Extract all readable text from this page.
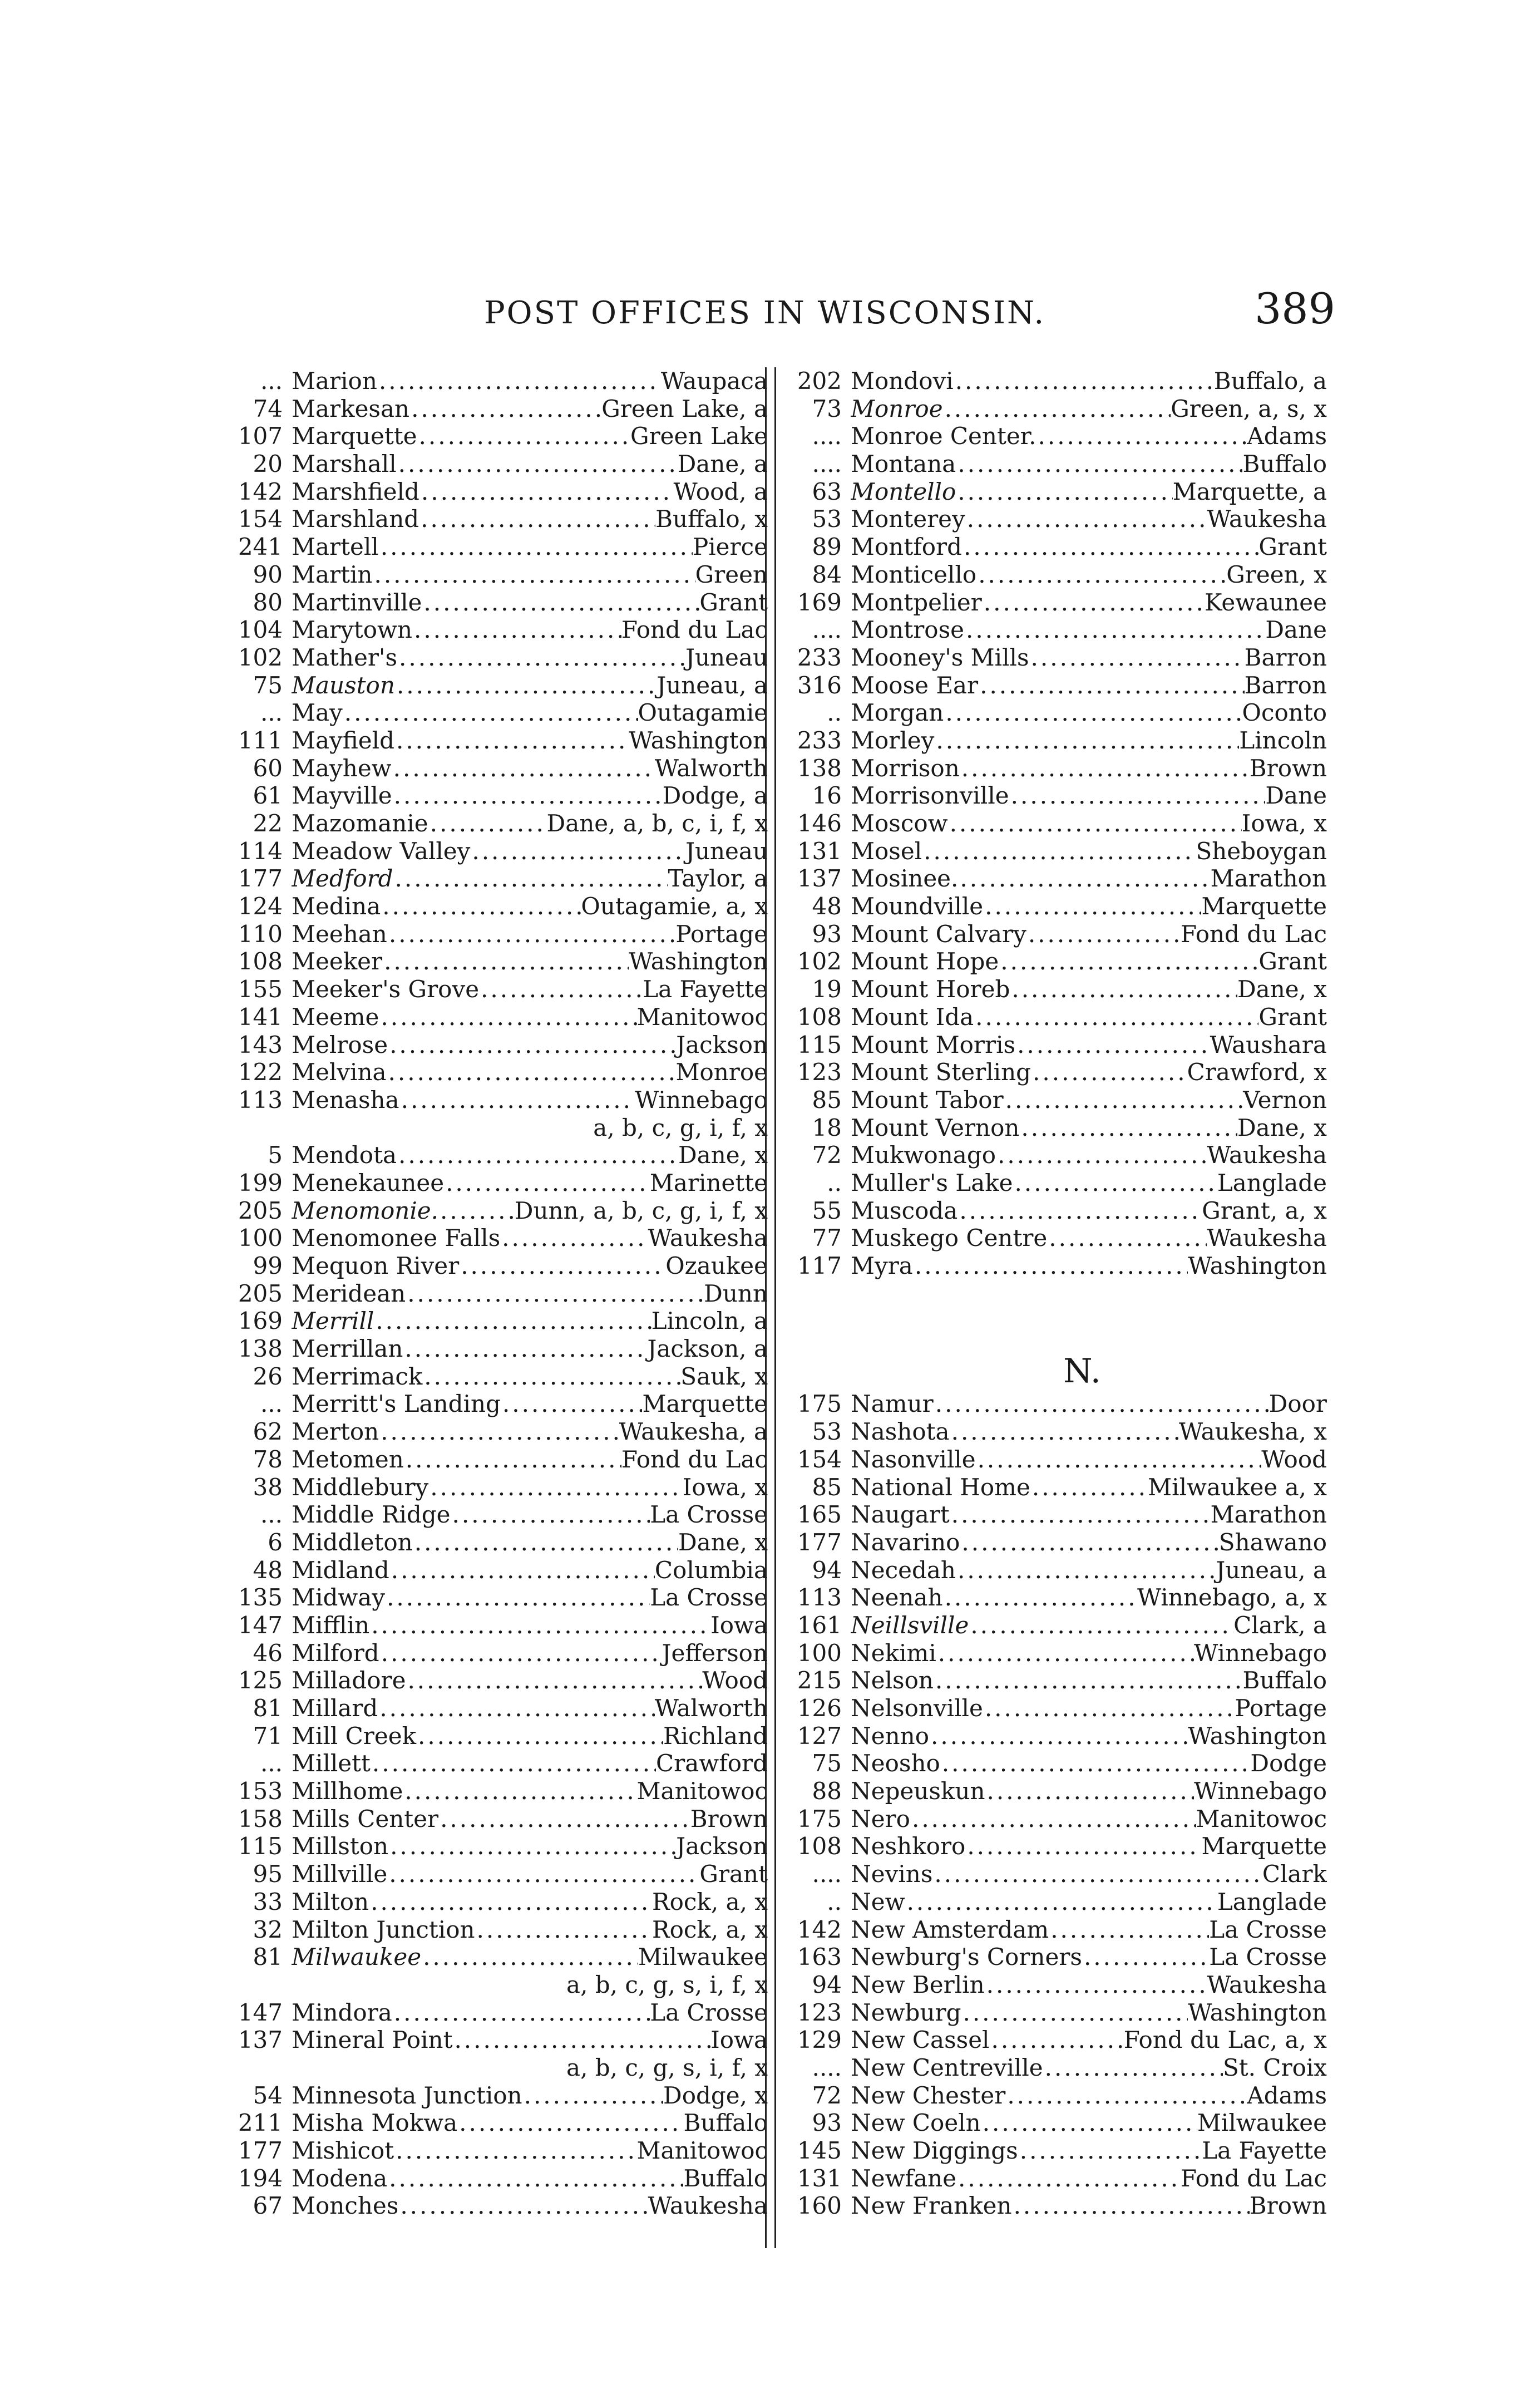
POST OFFICES IN WISCONSIN.	389
... Marion .....	Waupaca
74 Markesan .....	Green Lake, a
107 Marquette .....	Green Lake
20 Marshall .....	Dane, a
142 Marshfield .....	Wood, a
154 Marshland .....	Buffalo, x
241 Martell .....	Pierce
90 Martin .....	Green
80 Martinville .....	Grant
104 Marytown .....	Fond du Lac
102 Mather's .....	Juneau
75 Mauston .....	Juneau, a
... May .....	Outagamie
111 Mayfield .....	Washington
60 Mayhew .....	Walworth
61 Mayville .....	Dodge, a
22 Mazomanie .....	Dane, a, b, c, i, f, x
114 Meadow Valley .....	Juneau
177 Medford .....	Taylor, a
124 Medina .....	Outagamie, a, x
110 Meehan .....	Portage
108 Meeker .....	Washington
155 Meeker's Grove .....	La Fayette
141 Meeme .....	Manitowoc
143 Melrose .....	Jackson
122 Melvina .....	Monroe
113 Menasha .....	Winnebago
a, b, c, g, i, f, x
5 Mendota .....	Dane, x
199 Menekaunee .....	Marinette
205 Menomonie. .....	Dunn, a, b, c, g, i, f, x
100 Menomonee Falls .....	Waukesha
99 Mequon River .....	Ozaukee
205 Meridean .....	Dunn
169 Merrill .....	Lincoln, a
138 Merrillan .....	Jackson, a
26 Merrimack .....	Sauk, x
... Merritt's Landing .....	Marquette
62 Merton .....	Waukesha, a
78 Metomen .....	Fond du Lac
38 Middlebury .....	Iowa, x
... Middle Ridge .....	La Crosse
6 Middleton .....	Dane, x
48 Midland .....	Columbia
135 Midway .....	La Crosse
147 Mifflin .....	Iowa
46 Milford .....	Jefferson
125 Milladore .....	Wood
81 Millard .....	Walworth
71 Mill Creek .....	Richland
... Millett .....	Crawford
153 Millhome .....	Manitowoc
158 Mills Center .....	Brown
115 Millston .....	Jackson
95 Millville .....	Grant
33 Milton .....	Rock, a, x
32 Milton Junction .....	Rock, a, x
81 Milwaukee .....	Milwaukee
a, b, c, g, s, i, f, x
147 Mindora .....	La Crosse
137 Mineral Point .....	Iowa
a, b, c, g, s, i, f, x
54 Minnesota Junction .....	Dodge, x
211 Misha Mokwa .....	Buffalo
177 Mishicot .....	Manitowoc
194 Modena .....	Buffalo
67 Monches .....	Waukesha
202 Mondovi .....	Buffalo, a
73 Monroe .....	Green, a, s, x
.... Monroe Center. .....	Adams
.... Montana .....	Buffalo
63 Montello .....	Marquette, a
53 Monterey .....	Waukesha
89 Montford .....	Grant
84 Monticello .....	Green, x
169 Montpelier .....	Kewaunee
.... Montrose .....	Dane
233 Mooney's Mills .....	Barron
316 Moose Ear .....	Barron
.. Morgan .....	Oconto
233 Morley .....	Lincoln
138 Morrison .....	Brown
16 Morrisonville .....	Dane
146 Moscow .....	Iowa, x
131 Mosel .....	Sheboygan
137 Mosinee. .....	Marathon
48 Moundville .....	Marquette
93 Mount Calvary .....	Fond du Lac
102 Mount Hope .....	Grant
19 Mount Horeb .....	Dane, x
108 Mount Ida .....	Grant
115 Mount Morris .....	Waushara
123 Mount Sterling .....	Crawford, x
85 Mount Tabor .....	Vernon
18 Mount Vernon .....	Dane, x
72 Mukwonago .....	Waukesha
.. Muller's Lake .....	Langlade
55 Muscoda .....	Grant, a, x
77 Muskego Centre .....	Waukesha
117 Myra .....	Washington
N.
175 Namur .....	Door
53 Nashota .....	Waukesha, x
154 Nasonville .....	Wood
85 National Home .....	Milwaukee a, x
165 Naugart .....	Marathon
177 Navarino .....	Shawano
94 Necedah .....	Juneau, a
113 Neenah .....	Winnebago, a, x
161 Neillsville .....	Clark, a
100 Nekimi .....	Winnebago
215 Nelson .....	Buffalo
126 Nelsonville .....	Portage
127 Nenno .....	Washington
75 Neosho .....	Dodge
88 Nepeuskun .....	Winnebago
175 Nero .....	Manitowoc
108 Neshkoro .....	Marquette
.... Nevins .....	Clark
.. New .....	Langlade
142 New Amsterdam .....	La Crosse
163 Newburg's Corners .....	La Crosse
94 New Berlin .....	Waukesha
123 Newburg .....	Washington
129 New Cassel .....	Fond du Lac, a, x
.... New Centreville .....	St. Croix
72 New Chester .....	Adams
93 New Coeln .....	Milwaukee
145 New Diggings .....	La Fayette
131 Newfane .....	Fond du Lac
160 New Franken .....	Brown
